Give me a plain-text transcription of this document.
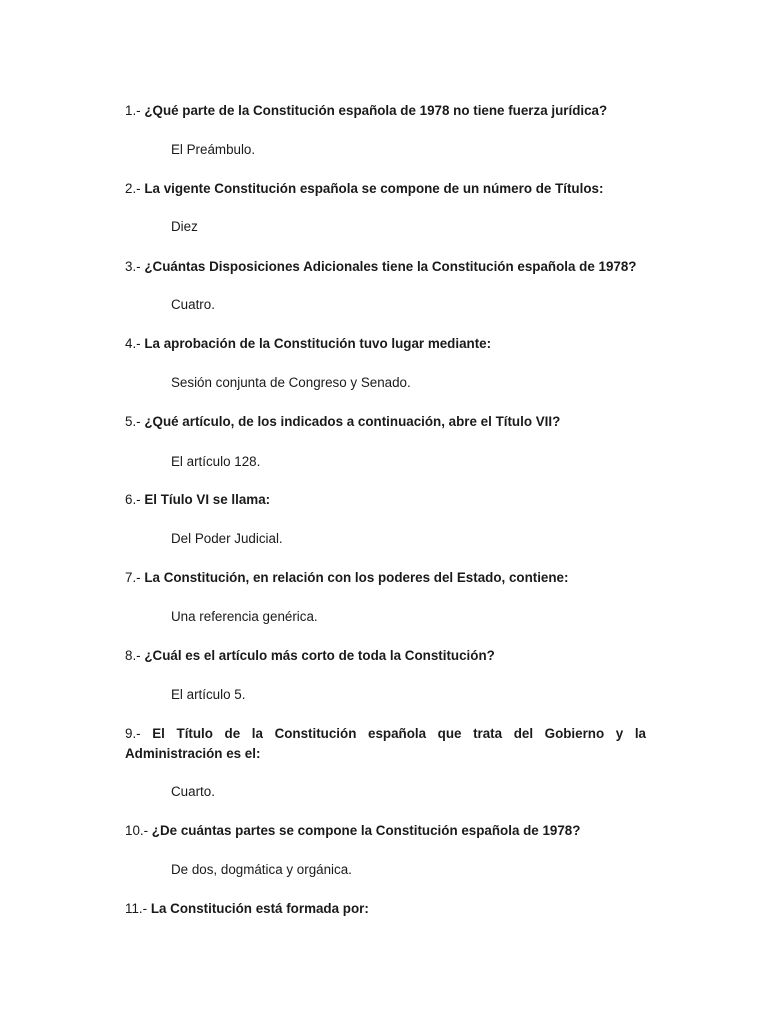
1.- ¿Qué parte de la Constitución española de 1978 no tiene fuerza jurídica?
El Preámbulo.
2.- La vigente Constitución española se compone de un número de Títulos:
Diez
3.- ¿Cuántas Disposiciones Adicionales tiene la Constitución española de 1978?
Cuatro.
4.- La aprobación de la Constitución tuvo lugar mediante:
Sesión conjunta de Congreso y Senado.
5.- ¿Qué artículo, de los indicados a continuación, abre el Título VII?
El artículo 128.
6.- El Tíulo VI se llama:
Del Poder Judicial.
7.- La Constitución, en relación con los poderes del Estado, contiene:
Una referencia genérica.
8.- ¿Cuál es el artículo más corto de toda la Constitución?
El artículo 5.
9.- El Título de la Constitución española que trata del Gobierno y la Administración es el:
Cuarto.
10.- ¿De cuántas partes se compone la Constitución española de 1978?
De dos, dogmática y orgánica.
11.- La Constitución está formada por:
